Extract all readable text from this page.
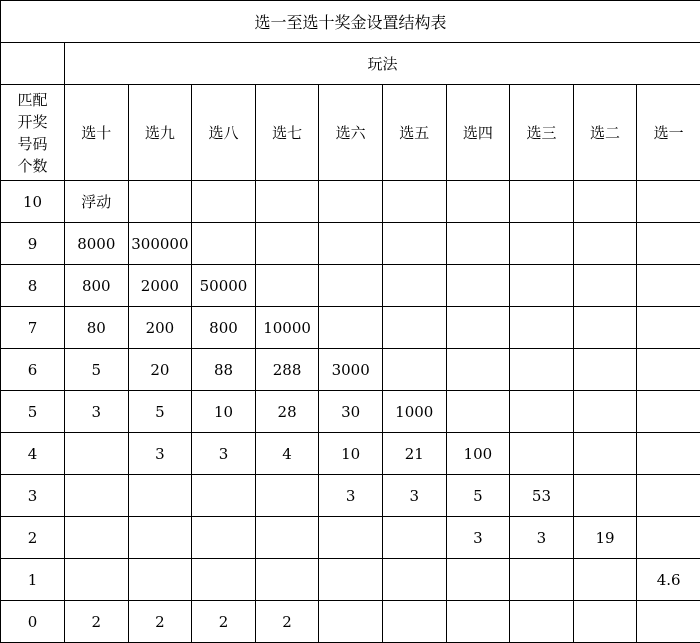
选一至选十奖金设置结构表										
	玩法									

匹配开奖号码个数	选十	选九	选八	选七	选六	选五	选四	选三	选二	选一
10	浮动									
9	8000	300000								
8	800	2000	50000							
7	80	200	800	10000						
6	5	20	88	288	3000					
5	3	5	10	28	30	1000				
4		3	3	4	10	21	100			
3					3	3	5	53		
2							3	3	19	
1										4.6
0	2	2	2	2						
